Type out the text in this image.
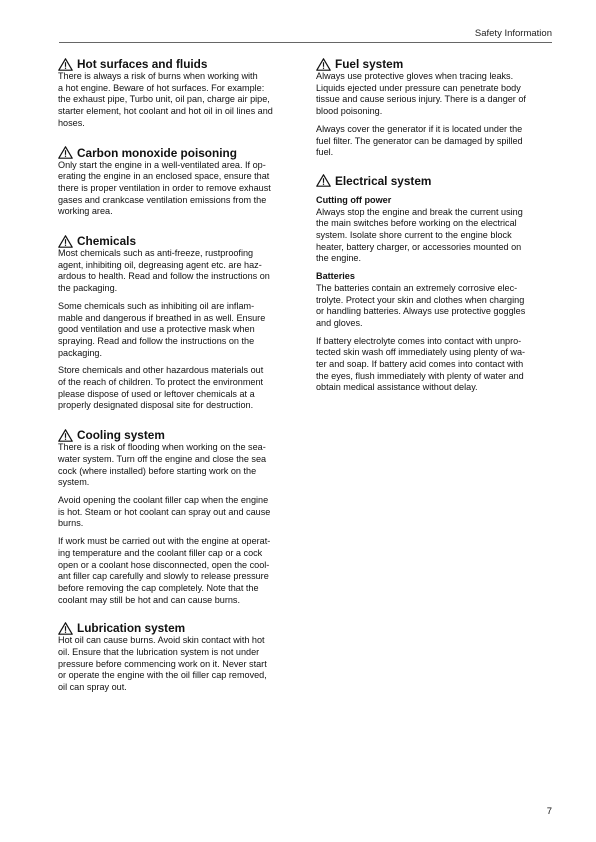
Safety Information
Hot surfaces and fluids

There is always a risk of burns when working with
a hot engine. Beware of hot surfaces. For example:
the exhaust pipe, Turbo unit, oil pan, charge air pipe,
starter element, hot coolant and hot oil in oil lines and
hoses.

Carbon monoxide poisoning

Only start the engine in a well-ventilated area. If op-
erating the engine in an enclosed space, ensure that
there is proper ventilation in order to remove exhaust
gases and crankcase ventilation emissions from the
working area.

Chemicals

Most chemicals such as anti-freeze, rustproofing
agent, inhibiting oil, degreasing agent etc. are haz-
ardous to health. Read and follow the instructions on
the packaging.

Some chemicals such as inhibiting oil are inflam-
mable and dangerous if breathed in as well. Ensure
good ventilation and use a protective mask when
spraying. Read and follow the instructions on the
packaging.

Store chemicals and other hazardous materials out
of the reach of children. To protect the environment
please dispose of used or leftover chemicals at a
properly designated disposal site for destruction.

Cooling system

There is a risk of flooding when working on the sea-
water system. Turn off the engine and close the sea
cock (where installed) before starting work on the
system.

Avoid opening the coolant filler cap when the engine
is hot. Steam or hot coolant can spray out and cause
burns.

If work must be carried out with the engine at operat-
ing temperature and the coolant filler cap or a cock
open or a coolant hose disconnected, open the cool-
ant filler cap carefully and slowly to release pressure
before removing the cap completely. Note that the
coolant may still be hot and can cause burns.

Lubrication system

Hot oil can cause burns. Avoid skin contact with hot
oil. Ensure that the lubrication system is not under
pressure before commencing work on it. Never start
or operate the engine with the oil filler cap removed,
oil can spray out.

Fuel system

Always use protective gloves when tracing leaks.
Liquids ejected under pressure can penetrate body
tissue and cause serious injury. There is a danger of
blood poisoning.

Always cover the generator if it is located under the
fuel filter. The generator can be damaged by spilled
fuel.

Electrical system
Cutting off power

Always stop the engine and break the current using
the main switches before working on the electrical
system. Isolate shore current to the engine block
heater, battery charger, or accessories mounted on
the engine.

Batteries

The batteries contain an extremely corrosive elec-
trolyte. Protect your skin and clothes when charging
or handling batteries. Always use protective goggles
and gloves.

If battery electrolyte comes into contact with unpro-
tected skin wash off immediately using plenty of wa-
ter and soap. If battery acid comes into contact with
the eyes, flush immediately with plenty of water and
obtain medical assistance without delay.

7
